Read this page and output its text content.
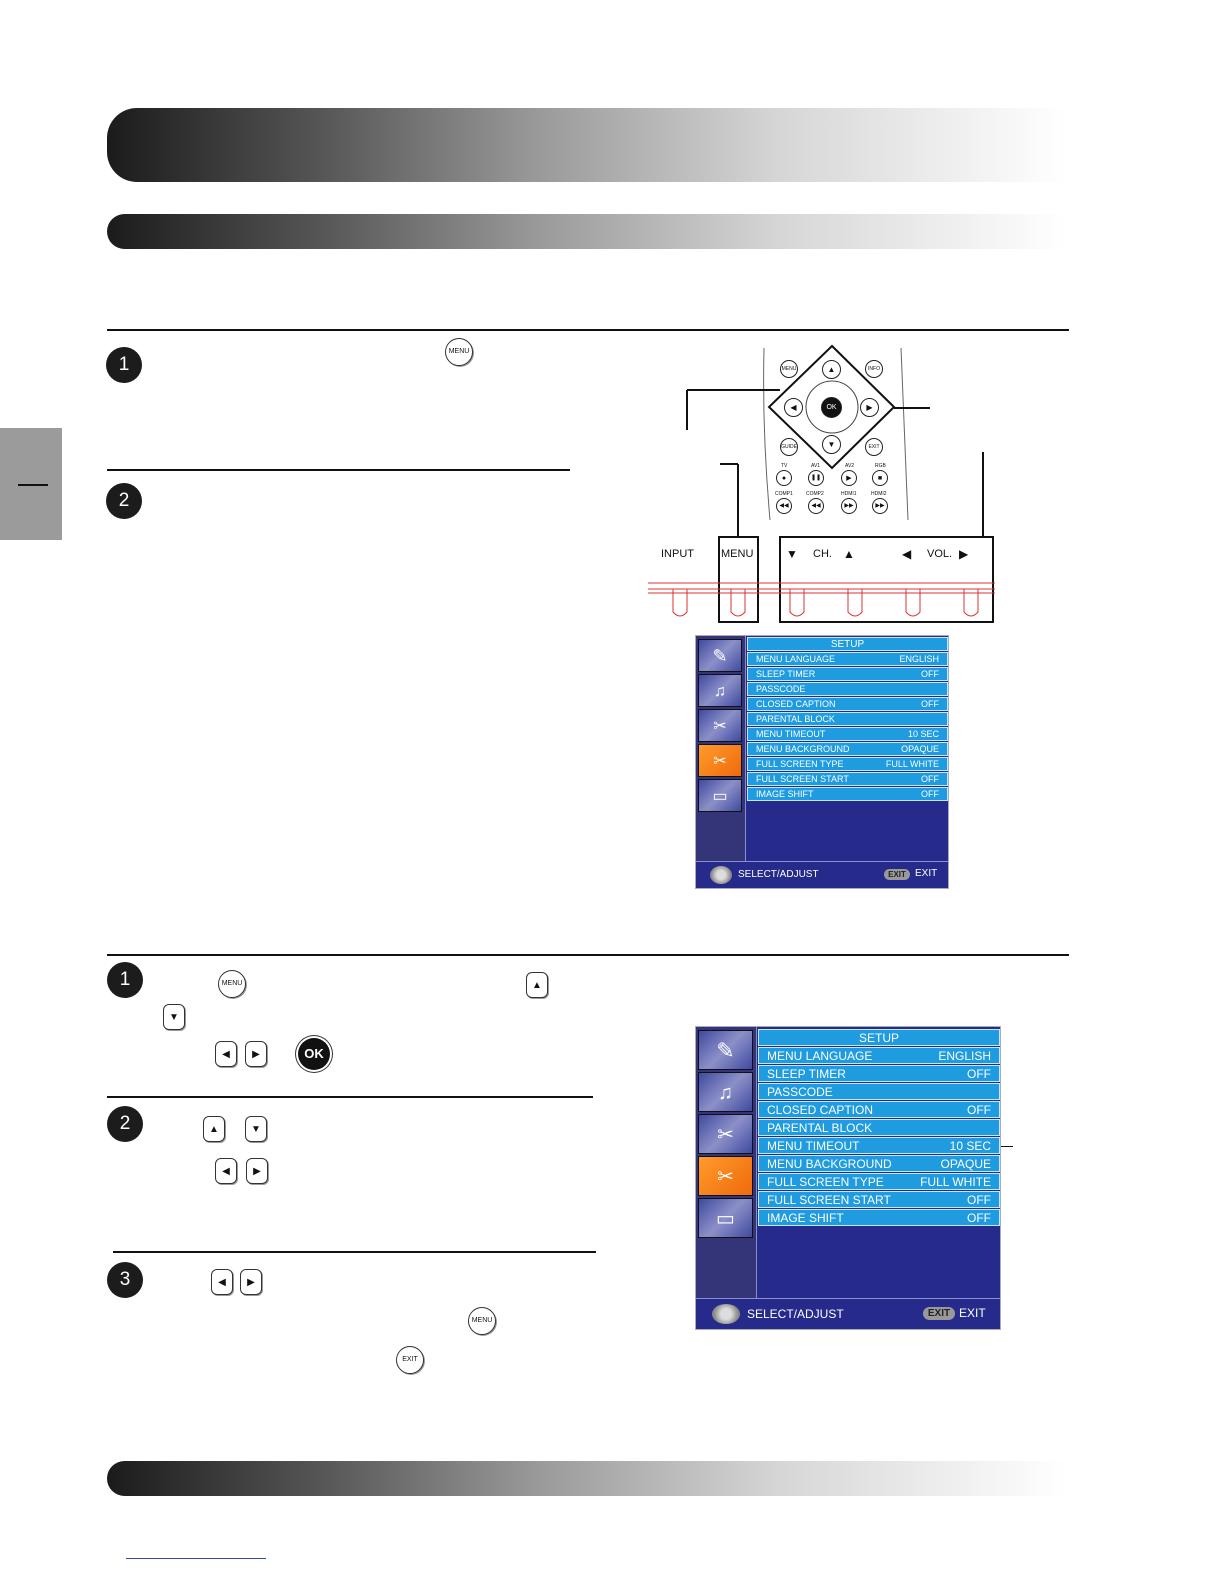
1
MENU
2
MENU	INFO
GUIDE	EXIT
▲
▼
◀	▶
OK
TV	AV1	AV2	RGB
●	❚❚	▶	■
COMP1	COMP2	HDMI1	HDMI2
◀◀	◀◀	▶▶	▶▶
INPUT MENU	▼ CH. ▲	◀ VOL. ▶
✎
♫
✂
✂
▭
SETUP
MENU LANGUAGE	ENGLISH
SLEEP TIMER	OFF
PASSCODE
CLOSED CAPTION	OFF
PARENTAL BLOCK
MENU TIMEOUT	10 SEC
MENU BACKGROUND	OPAQUE
FULL SCREEN TYPE	FULL WHITE
FULL SCREEN START	OFF
IMAGE SHIFT	OFF
SELECT/ADJUST	EXIT EXIT
1	MENU	▲
▼
◀	▶	OK
2	▲	▼
◀	▶
3	◀	▶
MENU
EXIT
✎
♫
✂
✂
▭
SETUP
MENU LANGUAGE	ENGLISH
SLEEP TIMER	OFF
PASSCODE
CLOSED CAPTION	OFF
PARENTAL BLOCK
MENU TIMEOUT	10 SEC
MENU BACKGROUND	OPAQUE
FULL SCREEN TYPE	FULL WHITE
FULL SCREEN START	OFF
IMAGE SHIFT	OFF
SELECT/ADJUST	EXIT EXIT
